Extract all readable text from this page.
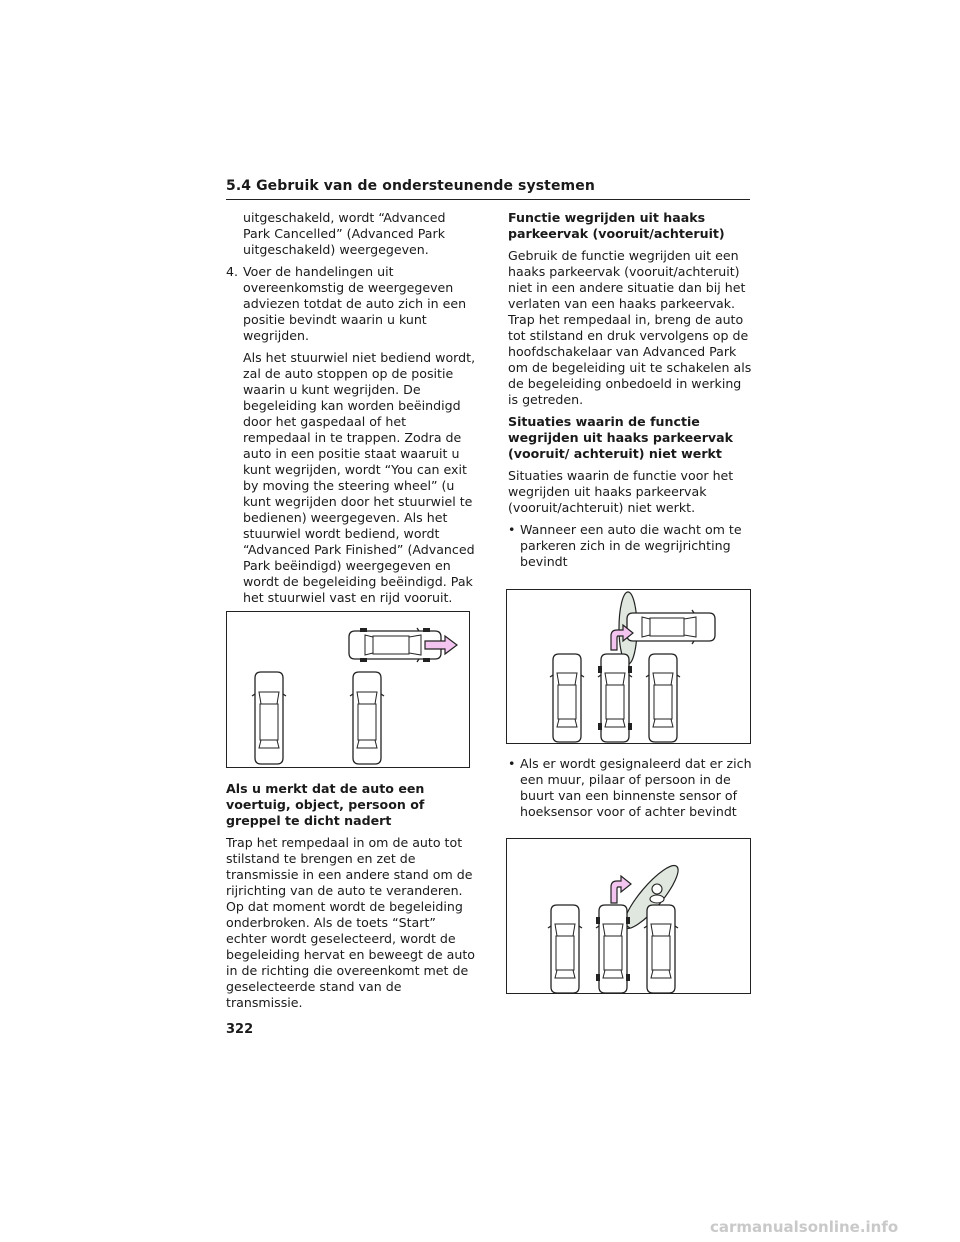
5.4 Gebruik van de ondersteunende systemen

uitgeschakeld, wordt “Advanced Park Cancelled” (Advanced Park uitgeschakeld) weergegeven.

4. Voer de handelingen uit overeenkomstig de weergegeven adviezen totdat de auto zich in een positie bevindt waarin u kunt wegrijden.

Als het stuurwiel niet bediend wordt, zal de auto stoppen op de positie waarin u kunt wegrijden. De begeleiding kan worden beëindigd door het gaspedaal of het rempedaal in te trappen. Zodra de auto in een positie staat waaruit u kunt wegrijden, wordt “You can exit by moving the steering wheel” (u kunt wegrijden door het stuurwiel te bedienen) weergegeven. Als het stuurwiel wordt bediend, wordt “Advanced Park Finished” (Advanced Park beëindigd) weergegeven en wordt de begeleiding beëindigd. Pak het stuurwiel vast en rijd vooruit.

Als u merkt dat de auto een voertuig, object, persoon of greppel te dicht nadert

Trap het rempedaal in om de auto tot stilstand te brengen en zet de transmissie in een andere stand om de rijrichting van de auto te veranderen. Op dat moment wordt de begeleiding onderbroken. Als de toets “Start” echter wordt geselecteerd, wordt de begeleiding hervat en beweegt de auto in de richting die overeenkomt met de geselecteerde stand van de transmissie.

Functie wegrijden uit haaks parkeervak (vooruit/achteruit)

Gebruik de functie wegrijden uit een haaks parkeervak (vooruit/achteruit) niet in een andere situatie dan bij het verlaten van een haaks parkeervak. Trap het rempedaal in, breng de auto tot stilstand en druk vervolgens op de hoofdschakelaar van Advanced Park om de begeleiding uit te schakelen als de begeleiding onbedoeld in werking is getreden.

Situaties waarin de functie wegrijden uit haaks parkeervak (vooruit/ achteruit) niet werkt

Situaties waarin de functie voor het wegrijden uit haaks parkeervak (vooruit/achteruit) niet werkt.

• Wanneer een auto die wacht om te parkeren zich in de wegrijrichting bevindt
• Als er wordt gesignaleerd dat er zich een muur, pilaar of persoon in de buurt van een binnenste sensor of hoeksensor voor of achter bevindt
322
carmanualsonline.info
